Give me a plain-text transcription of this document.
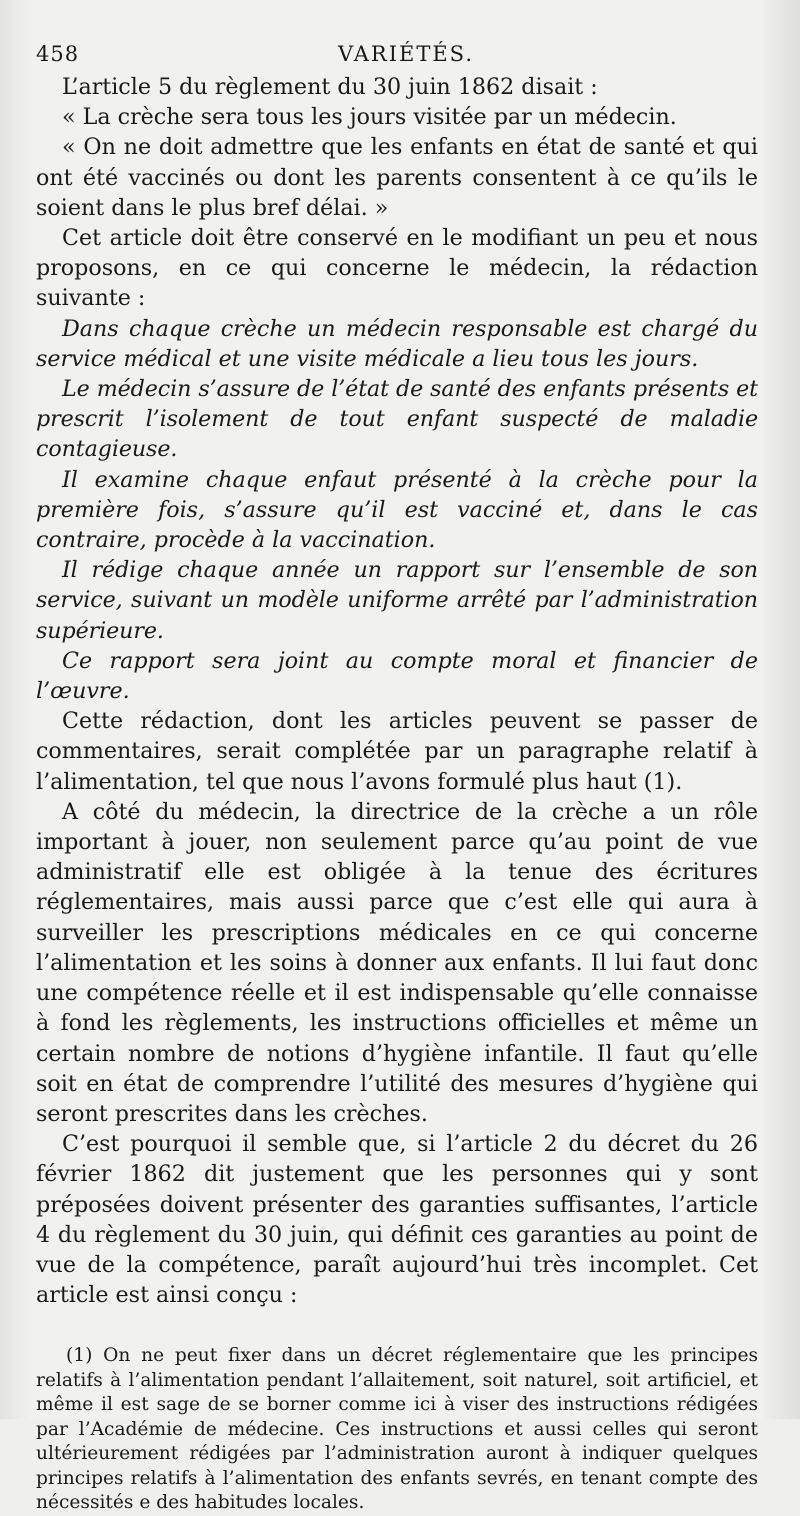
458	VARIÉTÉS.

L’article 5 du règlement du 30 juin 1862 disait :

« La crèche sera tous les jours visitée par un médecin.

« On ne doit admettre que les enfants en état de santé et qui ont été vaccinés ou dont les parents consentent à ce qu’ils le soient dans le plus bref délai. »

Cet article doit être conservé en le modifiant un peu et nous proposons, en ce qui concerne le médecin, la rédaction suivante :

Dans chaque crèche un médecin responsable est chargé du service médical et une visite médicale a lieu tous les jours.

Le médecin s’assure de l’état de santé des enfants présents et prescrit l’isolement de tout enfant suspecté de maladie contagieuse.

Il examine chaque enfaut présenté à la crèche pour la première fois, s’assure qu’il est vacciné et, dans le cas contraire, procède à la vaccination.

Il rédige chaque année un rapport sur l’ensemble de son service, suivant un modèle uniforme arrêté par l’administration supérieure.

Ce rapport sera joint au compte moral et financier de l’œuvre.

Cette rédaction, dont les articles peuvent se passer de commentaires, serait complétée par un paragraphe relatif à l’alimentation, tel que nous l’avons formulé plus haut (1).

A côté du médecin, la directrice de la crèche a un rôle important à jouer, non seulement parce qu’au point de vue administratif elle est obligée à la tenue des écritures réglementaires, mais aussi parce que c’est elle qui aura à surveiller les prescriptions médicales en ce qui concerne l’alimentation et les soins à donner aux enfants. Il lui faut donc une compétence réelle et il est indispensable qu’elle connaisse à fond les règlements, les instructions officielles et même un certain nombre de notions d’hygiène infantile. Il faut qu’elle soit en état de comprendre l’utilité des mesures d’hygiène qui seront prescrites dans les crèches.

C’est pourquoi il semble que, si l’article 2 du décret du 26 février 1862 dit justement que les personnes qui y sont préposées doivent présenter des garanties suffisantes, l’article 4 du règlement du 30 juin, qui définit ces garanties au point de vue de la compétence, paraît aujourd’hui très incomplet. Cet article est ainsi conçu :

(1) On ne peut fixer dans un décret réglementaire que les principes relatifs à l’alimentation pendant l’allaitement, soit naturel, soit artificiel, et même il est sage de se borner comme ici à viser des instructions rédigées par l’Académie de médecine. Ces instructions et aussi celles qui seront ultérieurement rédigées par l’administration auront à indiquer quelques principes relatifs à l’alimentation des enfants sevrés, en tenant compte des nécessités e des habitudes locales.
